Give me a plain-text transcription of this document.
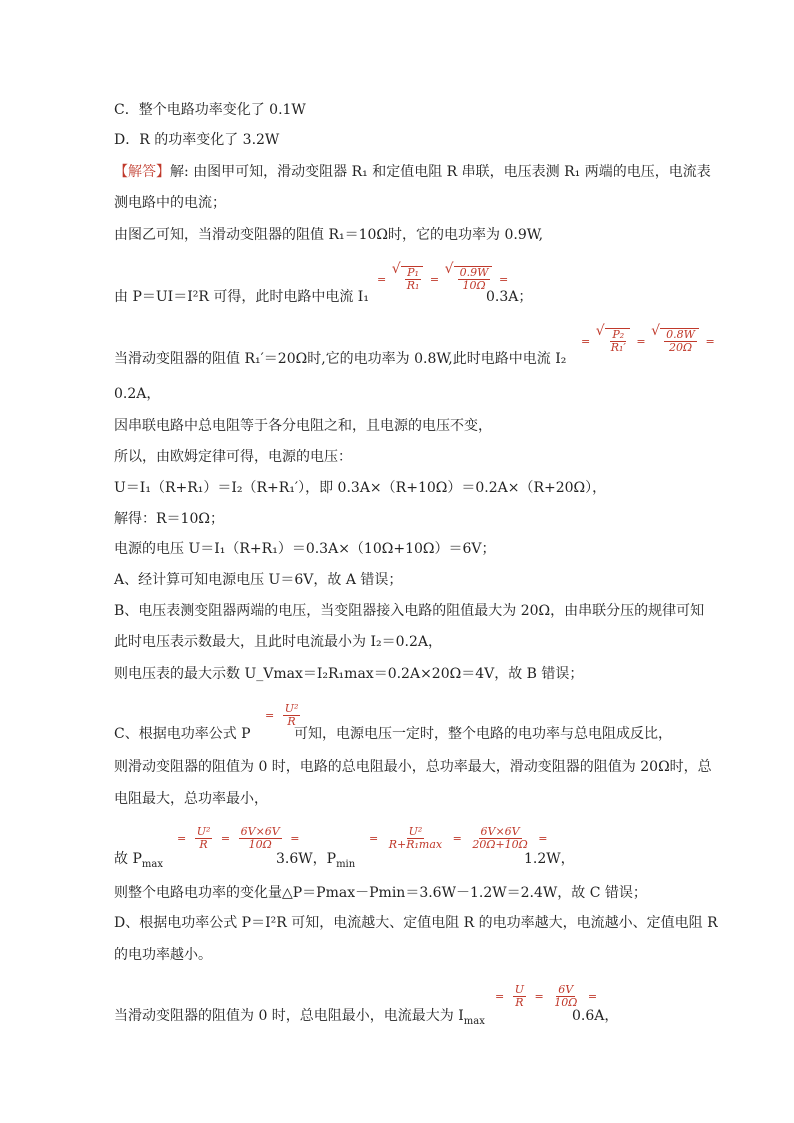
C．整个电路功率变化了 0.1W
D．R 的功率变化了 3.2W
【解答】解: 由图甲可知，滑动变阻器 R₁ 和定值电阻 R 串联，电压表测 R₁ 两端的电压，电流表
测电路中的电流；
由图乙可知，当滑动变阻器的阻值 R₁＝10Ω时，它的电功率为 0.9W,
由 P＝UI＝I²R 可得，此时电路中电流 I₁
= √ $\frac{\text{P₁}}{\text{R₁}}$ = √ $\frac{0.9W}{10\Omega}$ =
0.3A；
当滑动变阻器的阻值 R₁′＝20Ω时,它的电功率为 0.8W,此时电路中电流 I₂
= √ $\frac{\text{P₂}}{\text{R₁′}}$ = √ $\frac{0.8W}{20\Omega}$ =
0.2A，
因串联电路中总电阻等于各分电阻之和，且电源的电压不变，
所以，由欧姆定律可得，电源的电压：
U＝I₁（R+R₁）＝I₂（R+R₁′），即 0.3A×（R+10Ω）＝0.2A×（R+20Ω），
解得：R＝10Ω；
电源的电压 U＝I₁（R+R₁）＝0.3A×（10Ω+10Ω）＝6V；
A、经计算可知电源电压 U＝6V，故 A 错误；
B、电压表测变阻器两端的电压，当变阻器接入电路的阻值最大为 20Ω，由串联分压的规律可知
此时电压表示数最大，且此时电流最小为 I₂＝0.2A，
则电压表的最大示数 U_Vmax＝I₂R₁max＝0.2A×20Ω＝4V，故 B 错误；
C、根据电功率公式 P
= $\frac{\text{U²}}{R}$
可知，电源电压一定时，整个电路的电功率与总电阻成反比，
则滑动变阻器的阻值为 0 时，电路的总电阻最小，总功率最大，滑动变阻器的阻值为 20Ω时，总
电阻最大，总功率最小，
故 $P_{max}$
= $\frac{\text{U²}}{R} = \frac{6V\times 6V}{10\Omega}$ =
3.6W，$P_{min}$
= $\frac{\text{U²}}{\text{R+R₁max}} = \frac{6V\times 6V}{20\Omega+10\Omega}$ =
1.2W，
则整个电路电功率的变化量△P＝Pmax－Pmin＝3.6W－1.2W＝2.4W，故 C 错误；
D、根据电功率公式 P＝I²R 可知，电流越大、定值电阻 R 的电功率越大，电流越小、定值电阻 R
的电功率越小。
当滑动变阻器的阻值为 0 时，总电阻最小，电流最大为 $I_{max}$
= $\frac{U}{R} = \frac{6V}{10\Omega}$ =
0.6A，
